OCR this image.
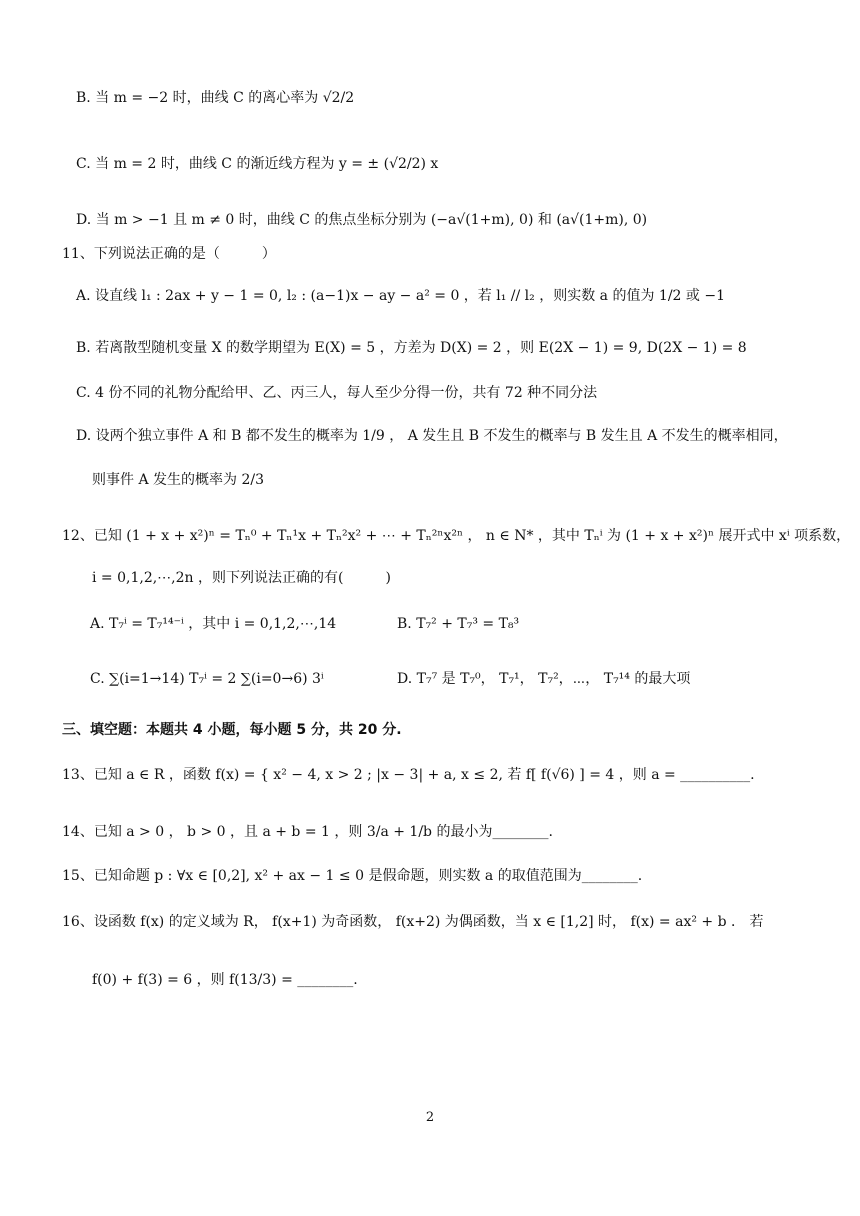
B. 当 m = −2 时，曲线 C 的离心率为 √2/2
C. 当 m = 2 时，曲线 C 的渐近线方程为 y = ± (√2/2) x
D. 当 m > −1 且 m ≠ 0 时，曲线 C 的焦点坐标分别为 (−a√(1+m), 0) 和 (a√(1+m), 0)
11、下列说法正确的是（　　　）
A. 设直线 l₁ : 2ax + y − 1 = 0, l₂ : (a−1)x − ay − a² = 0 ，若 l₁ // l₂ ，则实数 a 的值为 1/2 或 −1
B. 若离散型随机变量 X 的数学期望为 E(X) = 5 ，方差为 D(X) = 2 ，则 E(2X − 1) = 9, D(2X − 1) = 8
C. 4 份不同的礼物分配给甲、乙、丙三人，每人至少分得一份，共有 72 种不同分法
D. 设两个独立事件 A 和 B 都不发生的概率为 1/9 ， A 发生且 B 不发生的概率与 B 发生且 A 不发生的概率相同，
则事件 A 发生的概率为 2/3
12、已知 (1 + x + x²)ⁿ = Tₙ⁰ + Tₙ¹x + Tₙ²x² + ⋯ + Tₙ²ⁿx²ⁿ ， n ∈ N* ，其中 Tₙⁱ 为 (1 + x + x²)ⁿ 展开式中 xⁱ 项系数，
i = 0,1,2,⋯,2n ，则下列说法正确的有(　　　)
A. T₇ⁱ = T₇¹⁴⁻ⁱ ，其中 i = 0,1,2,⋯,14	B. T₇² + T₇³ = T₈³
C. ∑(i=1→14) T₇ⁱ = 2 ∑(i=0→6) 3ⁱ	D. T₇⁷ 是 T₇⁰， T₇¹， T₇²，⋯， T₇¹⁴ 的最大项
三、填空题：本题共 4 小题，每小题 5 分，共 20 分.
13、已知 a ∈ R ，函数 f(x) = { x² − 4, x > 2 ; |x − 3| + a, x ≤ 2, 若 f[ f(√6) ] = 4 ，则 a = __________.
14、已知 a > 0 ， b > 0 ，且 a + b = 1 ，则 3/a + 1/b 的最小为________.
15、已知命题 p : ∀x ∈ [0,2], x² + ax − 1 ≤ 0 是假命题，则实数 a 的取值范围为________.
16、设函数 f(x) 的定义域为 R， f(x+1) 为奇函数， f(x+2) 为偶函数，当 x ∈ [1,2] 时， f(x) = ax² + b ． 若
f(0) + f(3) = 6 ，则 f(13/3) = ________.
2
